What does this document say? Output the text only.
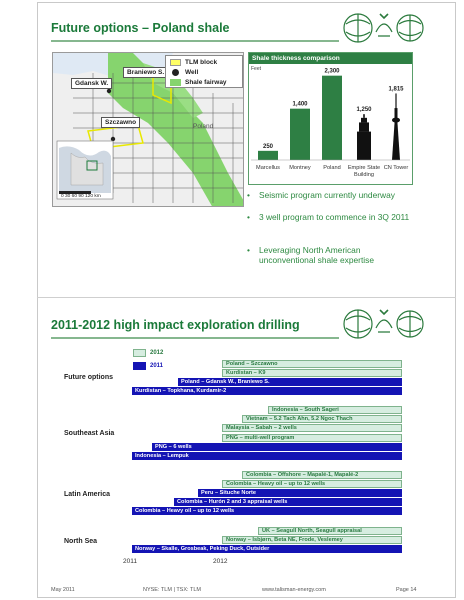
Future options – Poland shale
Gdansk W.
Braniewo S.
Szczawno
Poland
0 30 60 90 120 km
TLM block
Well
Shale fairway
Shale thickness comparison
Feet
250
Marcellus
1,400
Montney
2,300
Poland
1,250
Empire State
Building
1,815
CN Tower
•	Seismic program currently underway
•	3 well program to commence in 3Q 2011
•	Leveraging North American unconventional shale expertise
2011-2012 high impact exploration drilling
2012
2011
Future options
Southeast Asia
Latin America
North Sea
Poland – Szczawno
Kurdistan – K9
Poland – Gdansk W., Braniewo S.
Kurdistan – Topkhana, Kurdamir-2
Indonesia – South Sageri
Vietnam – 5.2 Tach Ahn, 5.2 Ngoc Thach
Malaysia – Sabah – 2 wells
PNG – multi-well program
PNG – 6 wells
Indonesia – Lempuk
Colombia – Offshore – Mapalé-1, Mapalé-2
Colombia – Heavy oil – up to 12 wells
Peru – Situche Norte
Colombia – Hurón 2 and 3 appraisal wells
Colombia – Heavy oil – up to 12 wells
UK – Seagull North, Seagull appraisal
Norway – Isbjørn, Beta NE, Frode, Veslemey
Norway – Skalle, Grosbeak, Peking Duck, Outsider
2011	2012
May 2011	NYSE: TLM | TSX: TLM	www.talisman-energy.com	Page 14
